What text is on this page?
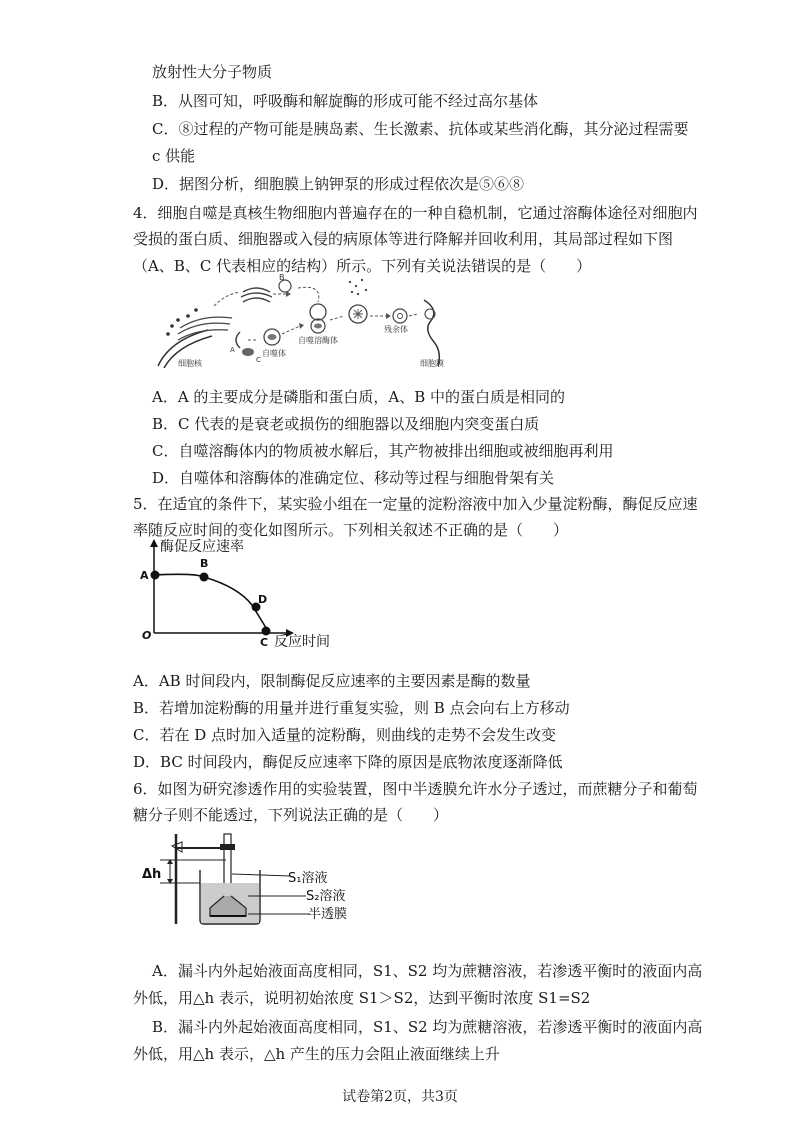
放射性大分子物质
B．从图可知，呼吸酶和解旋酶的形成可能不经过高尔基体
C．⑧过程的产物可能是胰岛素、生长激素、抗体或某些消化酶，其分泌过程需要
c 供能
D．据图分析，细胞膜上钠钾泵的形成过程依次是⑤⑥⑧
4．细胞自噬是真核生物细胞内普遍存在的一种自稳机制，它通过溶酶体途径对细胞内
受损的蛋白质、细胞器或入侵的病原体等进行降解并回收利用，其局部过程如下图
（A、B、C 代表相应的结构）所示。下列有关说法错误的是（　　）
B
A
C
自噬体
自噬溶酶体
残余体
细胞膜
细胞核
A．A 的主要成分是磷脂和蛋白质，A、B 中的蛋白质是相同的
B．C 代表的是衰老或损伤的细胞器以及细胞内突变蛋白质
C．自噬溶酶体内的物质被水解后，其产物被排出细胞或被细胞再利用
D．自噬体和溶酶体的准确定位、移动等过程与细胞骨架有关
5．在适宜的条件下，某实验小组在一定量的淀粉溶液中加入少量淀粉酶，酶促反应速
率随反应时间的变化如图所示。下列相关叙述不正确的是（　　）
酶促反应速率
反应时间
O
A
B
D
C
A．AB 时间段内，限制酶促反应速率的主要因素是酶的数量
B．若增加淀粉酶的用量并进行重复实验，则 B 点会向右上方移动
C．若在 D 点时加入适量的淀粉酶，则曲线的走势不会发生改变
D．BC 时间段内，酶促反应速率下降的原因是底物浓度逐渐降低
6．如图为研究渗透作用的实验装置，图中半透膜允许水分子透过，而蔗糖分子和葡萄
糖分子则不能透过，下列说法正确的是（　　）
Δh	S₁溶液
S₂溶液
半透膜
A．漏斗内外起始液面高度相同，S1、S2 均为蔗糖溶液，若渗透平衡时的液面内高
外低，用△h 表示，说明初始浓度 S1＞S2，达到平衡时浓度 S1=S2
B．漏斗内外起始液面高度相同，S1、S2 均为蔗糖溶液，若渗透平衡时的液面内高
外低，用△h 表示，△h 产生的压力会阻止液面继续上升
试卷第2页，共3页
